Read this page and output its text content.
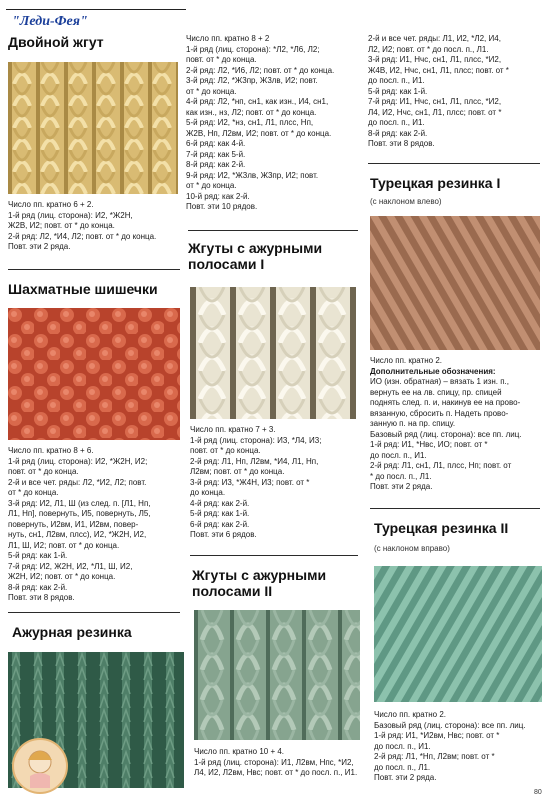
"Леди-Фея"
Двойной жгут

Число пп. кратно 6 + 2.

1-й ряд (лиц. сторона): И2, *Ж2Н,

Ж2В, И2; повт. от * до конца.

2-й ряд: Л2, *И4, Л2; повт. от * до конца.

Повт. эти 2 ряда.

Шахматные шишечки

Число пп. кратно 8 + 6.

1-й ряд (лиц. сторона): И2, *Ж2Н, И2;

повт. от * до конца.

2-й и все чет. ряды: Л2, *И2, Л2; повт.

от * до конца.

3-й ряд: И2, Л1, Ш (из след. п. [Л1, Нп,

Л1, Нп], повернуть, И5, повернуть, Л5,

повернуть, И2вм, И1, И2вм, повер-

нуть, сн1, Л2вм, плсс), И2, *Ж2Н, И2,

Л1, Ш, И2; повт. от * до конца.

5-й ряд: как 1-й.

7-й ряд: И2, Ж2Н, И2, *Л1, Ш, И2,

Ж2Н, И2; повт. от * до конца.

8-й ряд: как 2-й.

Повт. эти 8 рядов.

Ажурная резинка

Число пп. кратно 8 + 2

1-й ряд (лиц. сторона): *Л2, *Л6, Л2;

повт. от * до конца.

2-й ряд: Л2, *И6, Л2; повт. от * до конца.

3-й ряд: Л2, *Ж3пр, Ж3лв, И2; повт.

от * до конца.

4-й ряд: Л2, *нп, сн1, как изн., И4, сн1,

как изн., нз, Л2; повт. от * до конца.

5-й ряд: И2, *нз, сн1, Л1, плсс, Нп,

Ж2В, Нп, Л2вм, И2; повт. от * до конца.

6-й ряд: как 4-й.

7-й ряд: как 5-й.

8-й ряд: как 2-й.

9-й ряд: И2, *Ж3лв, Ж3пр, И2; повт.

от * до конца.

10-й ряд: как 2-й.

Повт. эти 10 рядов.

Жгуты с ажурными полосами I

Число пп. кратно 7 + 3.

1-й ряд (лиц. сторона): И3, *Л4, И3;

повт. от * до конца.

2-й ряд: Л1, Нп, Л2вм, *И4, Л1, Нп,

Л2вм; повт. от * до конца.

3-й ряд: И3, *Ж4Н, И3; повт. от *

до конца.

4-й ряд: как 2-й.

5-й ряд: как 1-й.

6-й ряд: как 2-й.

Повт. эти 6 рядов.

Жгуты с ажурными полосами II

Число пп. кратно 10 + 4.

1-й ряд (лиц. сторона): И1, Л2вм, Нпс, *И2,

Л4, И2, Л2вм, Нвс; повт. от * до посл. п., И1.

2-й и все чет. ряды: Л1, И2, *Л2, И4,

Л2, И2; повт. от * до посл. п., Л1.

3-й ряд: И1, Нчс, сн1, Л1, плсс, *И2,

Ж4В, И2, Нчс, сн1, Л1, плсс; повт. от *

до посл. п., И1.

5-й ряд: как 1-й.

7-й ряд: И1, Нчс, сн1, Л1, плсс, *И2,

Л4, И2, Нчс, сн1, Л1, плсс; повт. от *

до посл. п., И1.

8-й ряд: как 2-й.

Повт. эти 8 рядов.

Турецкая резинка I
(с наклоном влево)

Число пп. кратно 2.

Дополнительные обозначения:

ИО (изн. обратная) – вязать 1 изн. п.,

вернуть ее на лв. спицу, пр. спицей

поднять след. п. и, накинув ее на прово-

вязанную, сбросить п. Надеть прово-

занную п. на пр. спицу.

Базовый ряд (лиц. сторона): все пп. лиц.

1-й ряд: И1, *Нвс, ИО; повт. от *

до посл. п., И1.

2-й ряд: Л1, сн1, Л1, плсс, Нп; повт. от

* до посл. п., Л1.

Повт. эти 2 ряда.

Турецкая резинка II
(с наклоном вправо)

Число пп. кратно 2.

Базовый ряд (лиц. сторона): все пп. лиц.

1-й ряд: И1, *И2вм, Нвс; повт. от *

до посл. п., И1.

2-й ряд: Л1, *Нп, Л2вм; повт. от *

до посл. п., Л1.

Повт. эти 2 ряда.

80
